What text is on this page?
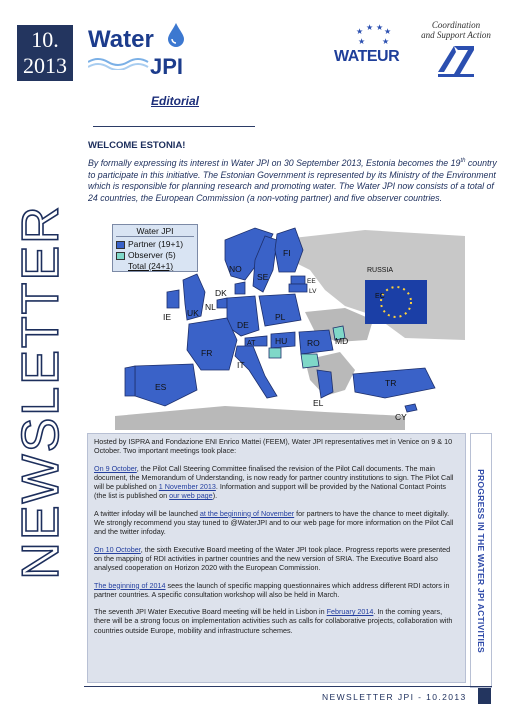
10.
2013
Water
JPI
★ ★ ★ ★
★ ★
WATEUR
Coordination
and Support Action
Editorial
NEWSLETTER
WELCOME ESTONIA!
By formally expressing its interest in Water JPI on 30 September 2013, Estonia becomes the 19th country to participate in this initiative. The Estonian Government is represented by its Ministry of the Environment which is responsible for planning research and promoting water. The Water JPI now consists of a total of 24 countries, the European Commission (a non-voting partner) and five observer countries.
NO
SE
FI
EE
LV
DK
NL
UK
IE
DE
PL
RUSSIA
EC
MD
FR
AT HU RO
IT
ES	TR
EL
CY
Water JPI
Partner (19+1)
Observer (5)
Total (24+1)

Hosted by ISPRA and Fondazione ENI Enrico Mattei (FEEM), Water JPI representatives met in Venice on 9 & 10 October. Two important meetings took place:

On 9 October, the Pilot Call Steering Committee finalised the revision of the Pilot Call documents. The main document, the Memorandum of Understanding, is now ready for partner country institutions to sign. The Pilot Call will be published on 1 November 2013. Information and support will be provided by the National Contact Points (the list is published on our web page).

A twitter infoday will be launched at the beginning of November for partners to have the chance to meet digitally. We strongly recommend you stay tuned to @WaterJPI and to our web page for more information on the Pilot Call and the twitter infoday.

On 10 October, the sixth Executive Board meeting of the Water JPI took place. Progress reports were presented on the mapping of RDI activities in partner countries and the new version of SRIA. The Executive Board also analysed cooperation on Horizon 2020 with the European Commission.

The beginning of 2014 sees the launch of specific mapping questionnaires which address different RDI actors in partner countries. A specific consultation workshop will also be held in March.

The seventh JPI Water Executive Board meeting will be held in Lisbon in February 2014. In the coming years, there will be a strong focus on implementation activities such as calls for collaborative projects, collaboration with countries outside Europe, mobility and infrastructure schemes.	PROGRESS IN THE WATER JPI ACTIVITIES
NEWSLETTER JPI - 10.2013
